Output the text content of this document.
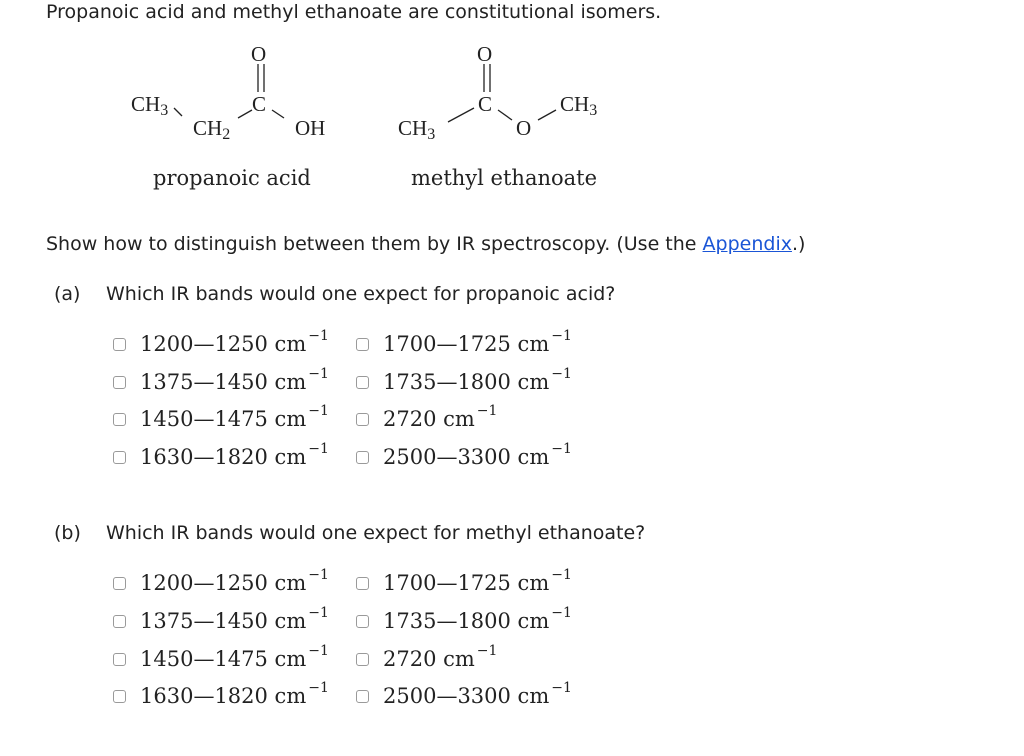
Propanoic acid and methyl ethanoate are constitutional isomers.
O
CH3	C
CH2	OH
propanoic acid
O
C	CH3
CH3	O
methyl ethanoate
Show how to distinguish between them by IR spectroscopy. (Use the Appendix.)
(a) Which IR bands would one expect for propanoic acid?
1200—1250 cm $^{-1}$
1375—1450 cm $^{-1}$
1450—1475 cm $^{-1}$
1630—1820 cm $^{-1}$
1700—1725 cm $^{-1}$
1735—1800 cm $^{-1}$
2720 cm $^{-1}$
2500—3300 cm $^{-1}$
(b) Which IR bands would one expect for methyl ethanoate?
1200—1250 cm $^{-1}$
1375—1450 cm $^{-1}$
1450—1475 cm $^{-1}$
1630—1820 cm $^{-1}$
1700—1725 cm $^{-1}$
1735—1800 cm $^{-1}$
2720 cm $^{-1}$
2500—3300 cm $^{-1}$
